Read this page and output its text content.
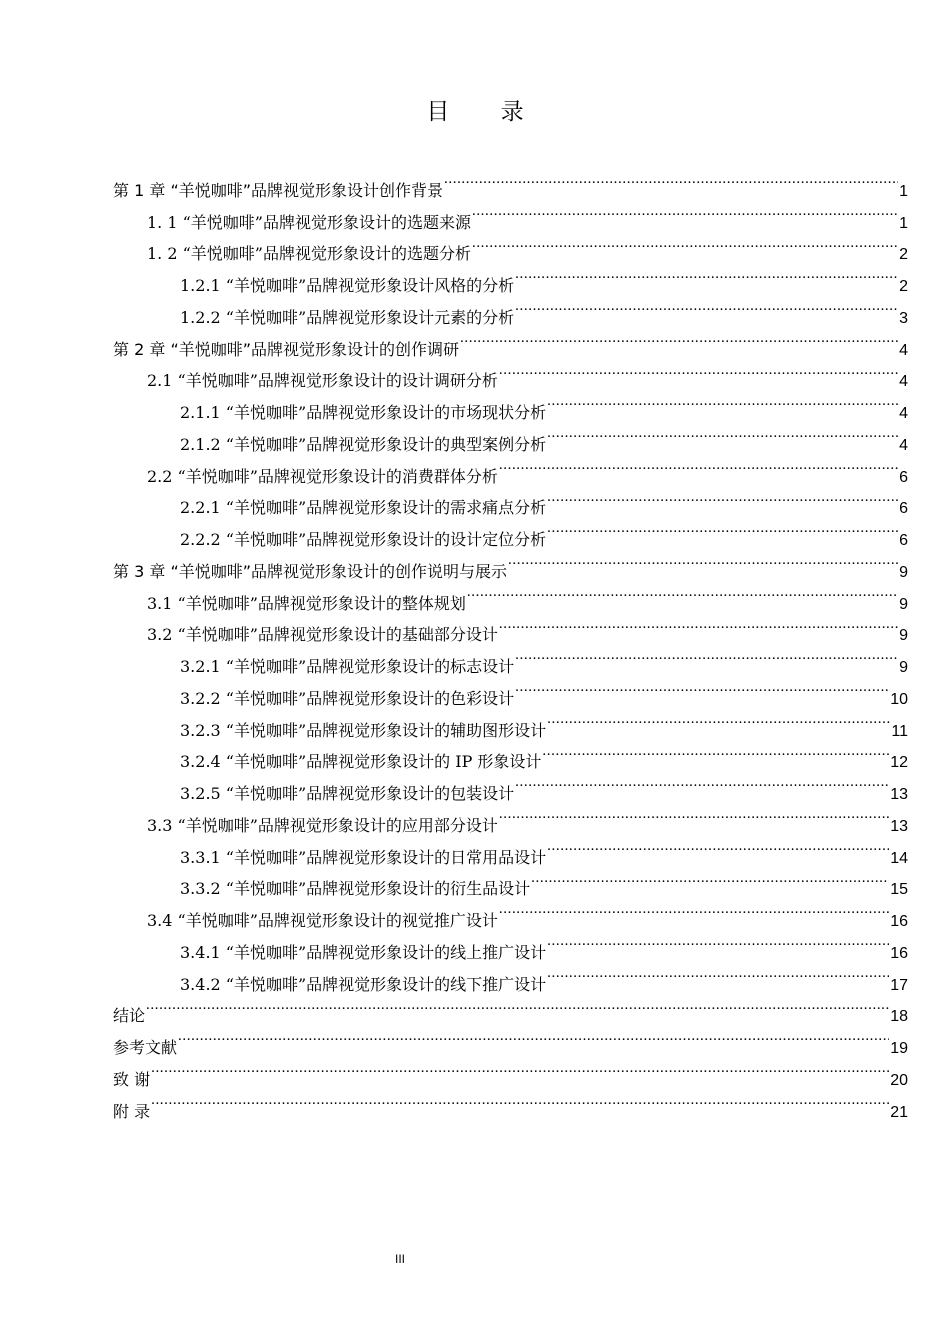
目 录
第 1 章 “羊悦咖啡”品牌视觉形象设计创作背景 .....	1
1. 1 “羊悦咖啡”品牌视觉形象设计的选题来源 .....	1
1. 2 “羊悦咖啡”品牌视觉形象设计的选题分析 .....	2
1.2.1 “羊悦咖啡”品牌视觉形象设计风格的分析 .....	2
1.2.2 “羊悦咖啡”品牌视觉形象设计元素的分析 .....	3
第 2 章 “羊悦咖啡”品牌视觉形象设计的创作调研 .....	4
2.1 “羊悦咖啡”品牌视觉形象设计的设计调研分析 .....	4
2.1.1 “羊悦咖啡”品牌视觉形象设计的市场现状分析 .....	4
2.1.2 “羊悦咖啡”品牌视觉形象设计的典型案例分析 .....	4
2.2 “羊悦咖啡”品牌视觉形象设计的消费群体分析 .....	6
2.2.1 “羊悦咖啡”品牌视觉形象设计的需求痛点分析 .....	6
2.2.2 “羊悦咖啡”品牌视觉形象设计的设计定位分析 .....	6
第 3 章 “羊悦咖啡”品牌视觉形象设计的创作说明与展示 .....	9
3.1 “羊悦咖啡”品牌视觉形象设计的整体规划 .....	9
3.2 “羊悦咖啡”品牌视觉形象设计的基础部分设计 .....	9
3.2.1 “羊悦咖啡”品牌视觉形象设计的标志设计 .....	9
3.2.2 “羊悦咖啡”品牌视觉形象设计的色彩设计 .....	10
3.2.3 “羊悦咖啡”品牌视觉形象设计的辅助图形设计 .....	11
3.2.4 “羊悦咖啡”品牌视觉形象设计的 IP 形象设计 .....	12
3.2.5 “羊悦咖啡”品牌视觉形象设计的包装设计 .....	13
3.3 “羊悦咖啡”品牌视觉形象设计的应用部分设计 .....	13
3.3.1 “羊悦咖啡”品牌视觉形象设计的日常用品设计 .....	14
3.3.2 “羊悦咖啡”品牌视觉形象设计的衍生品设计 .....	15
3.4 “羊悦咖啡”品牌视觉形象设计的视觉推广设计 .....	16
3.4.1 “羊悦咖啡”品牌视觉形象设计的线上推广设计 .....	16
3.4.2 “羊悦咖啡”品牌视觉形象设计的线下推广设计 .....	17
结论 .....	18
参考文献 .....	19
致 谢 .....	20
附 录 .....	21
III
